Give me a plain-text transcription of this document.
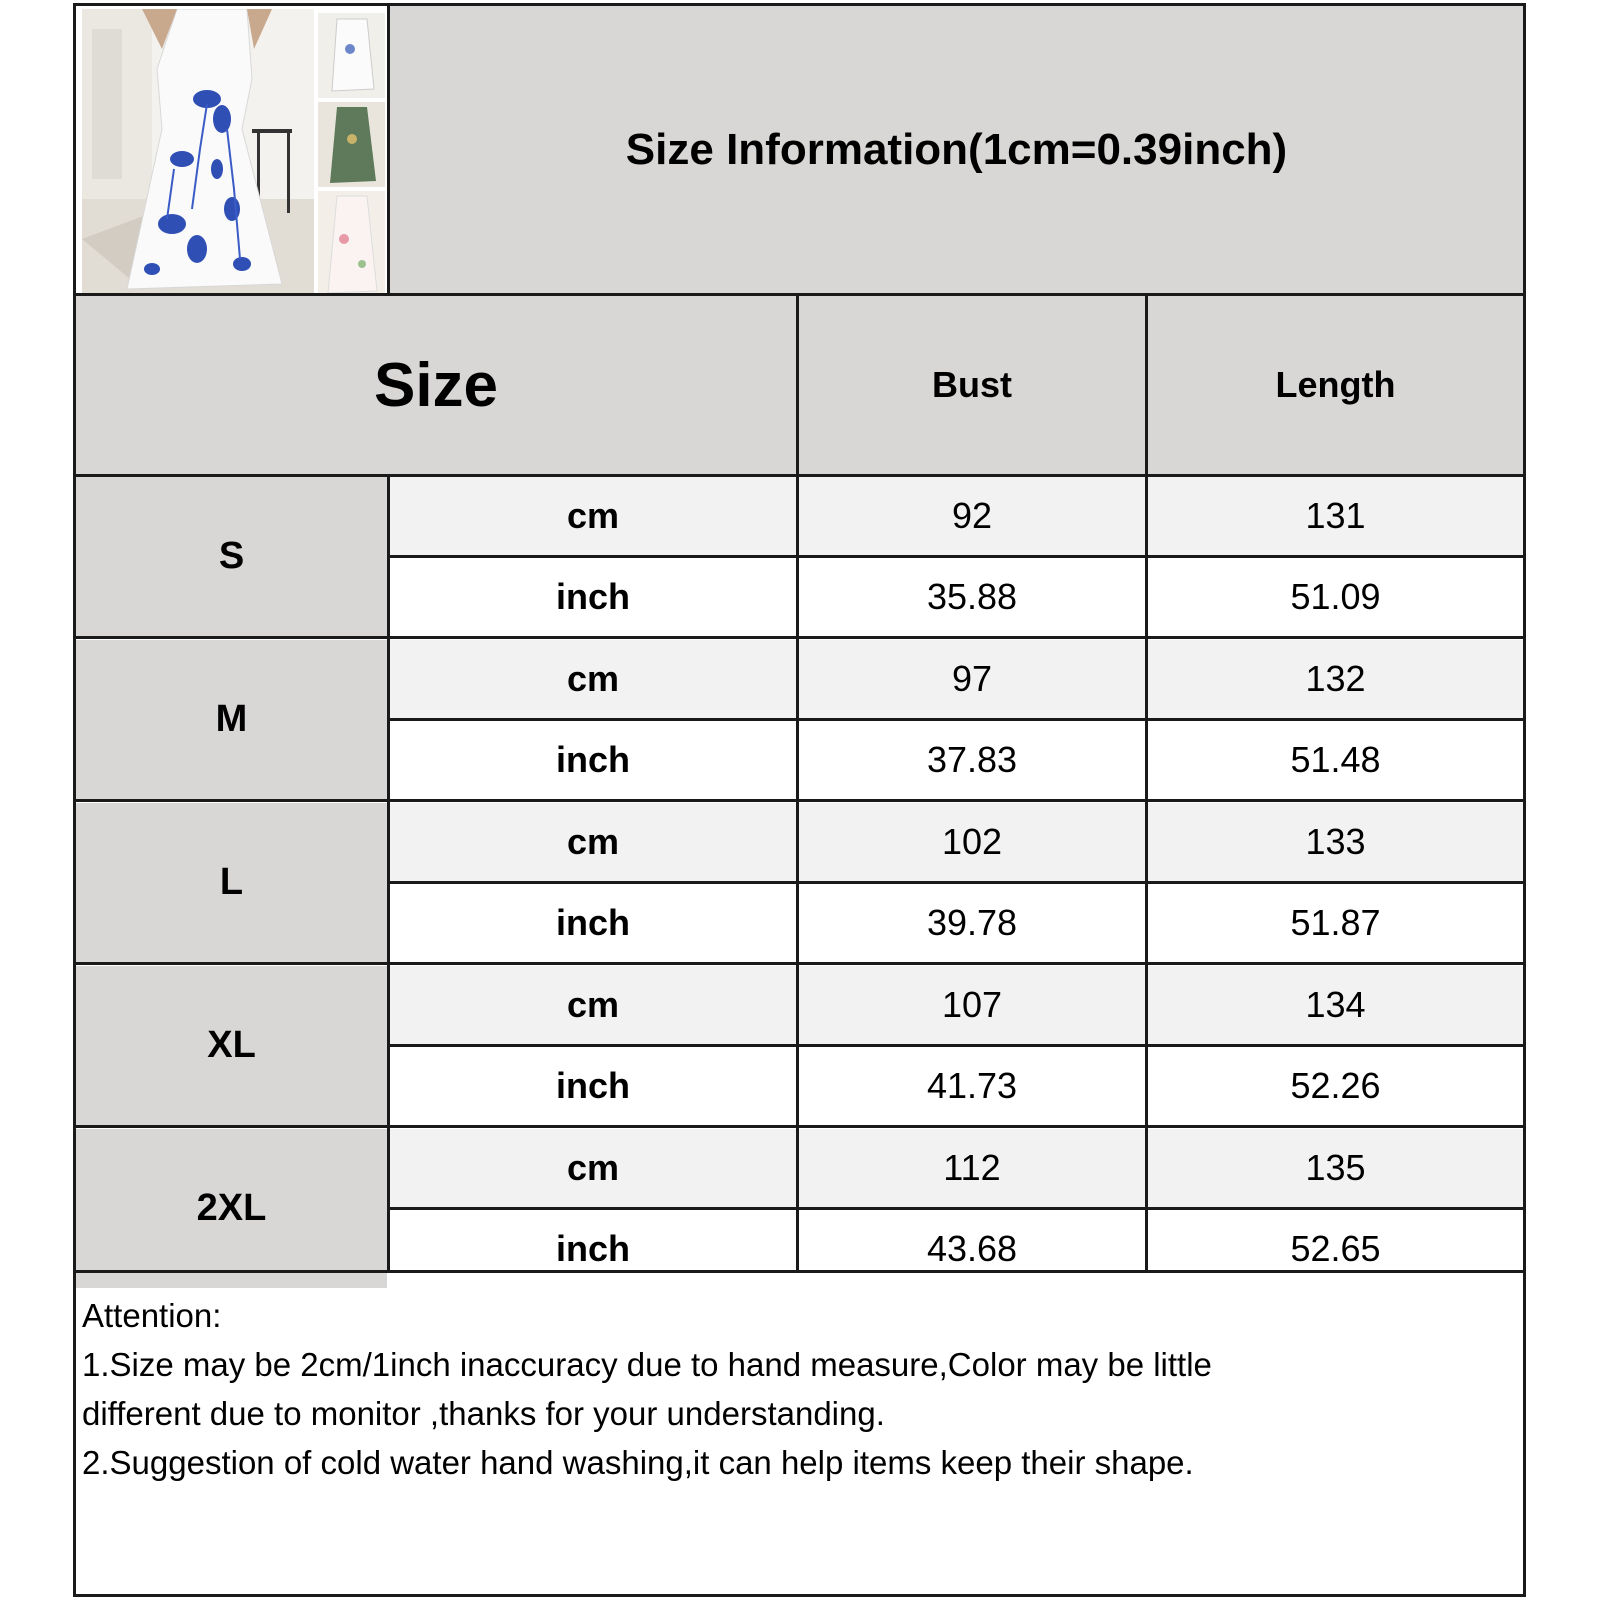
Size Information(1cm=0.39inch)
Size	Bust	Length
S
cm	92	131
inch	35.88	51.09
M
cm	97	132
inch	37.83	51.48
L
cm	102	133
inch	39.78	51.87
XL
cm	107	134
inch	41.73	52.26
2XL
cm	112	135
inch	43.68	52.65
Attention:
1.Size may be 2cm/1inch inaccuracy due to hand measure,Color may be little
different due to monitor ,thanks for your understanding.
2.Suggestion of cold water hand washing,it can help items keep their shape.
